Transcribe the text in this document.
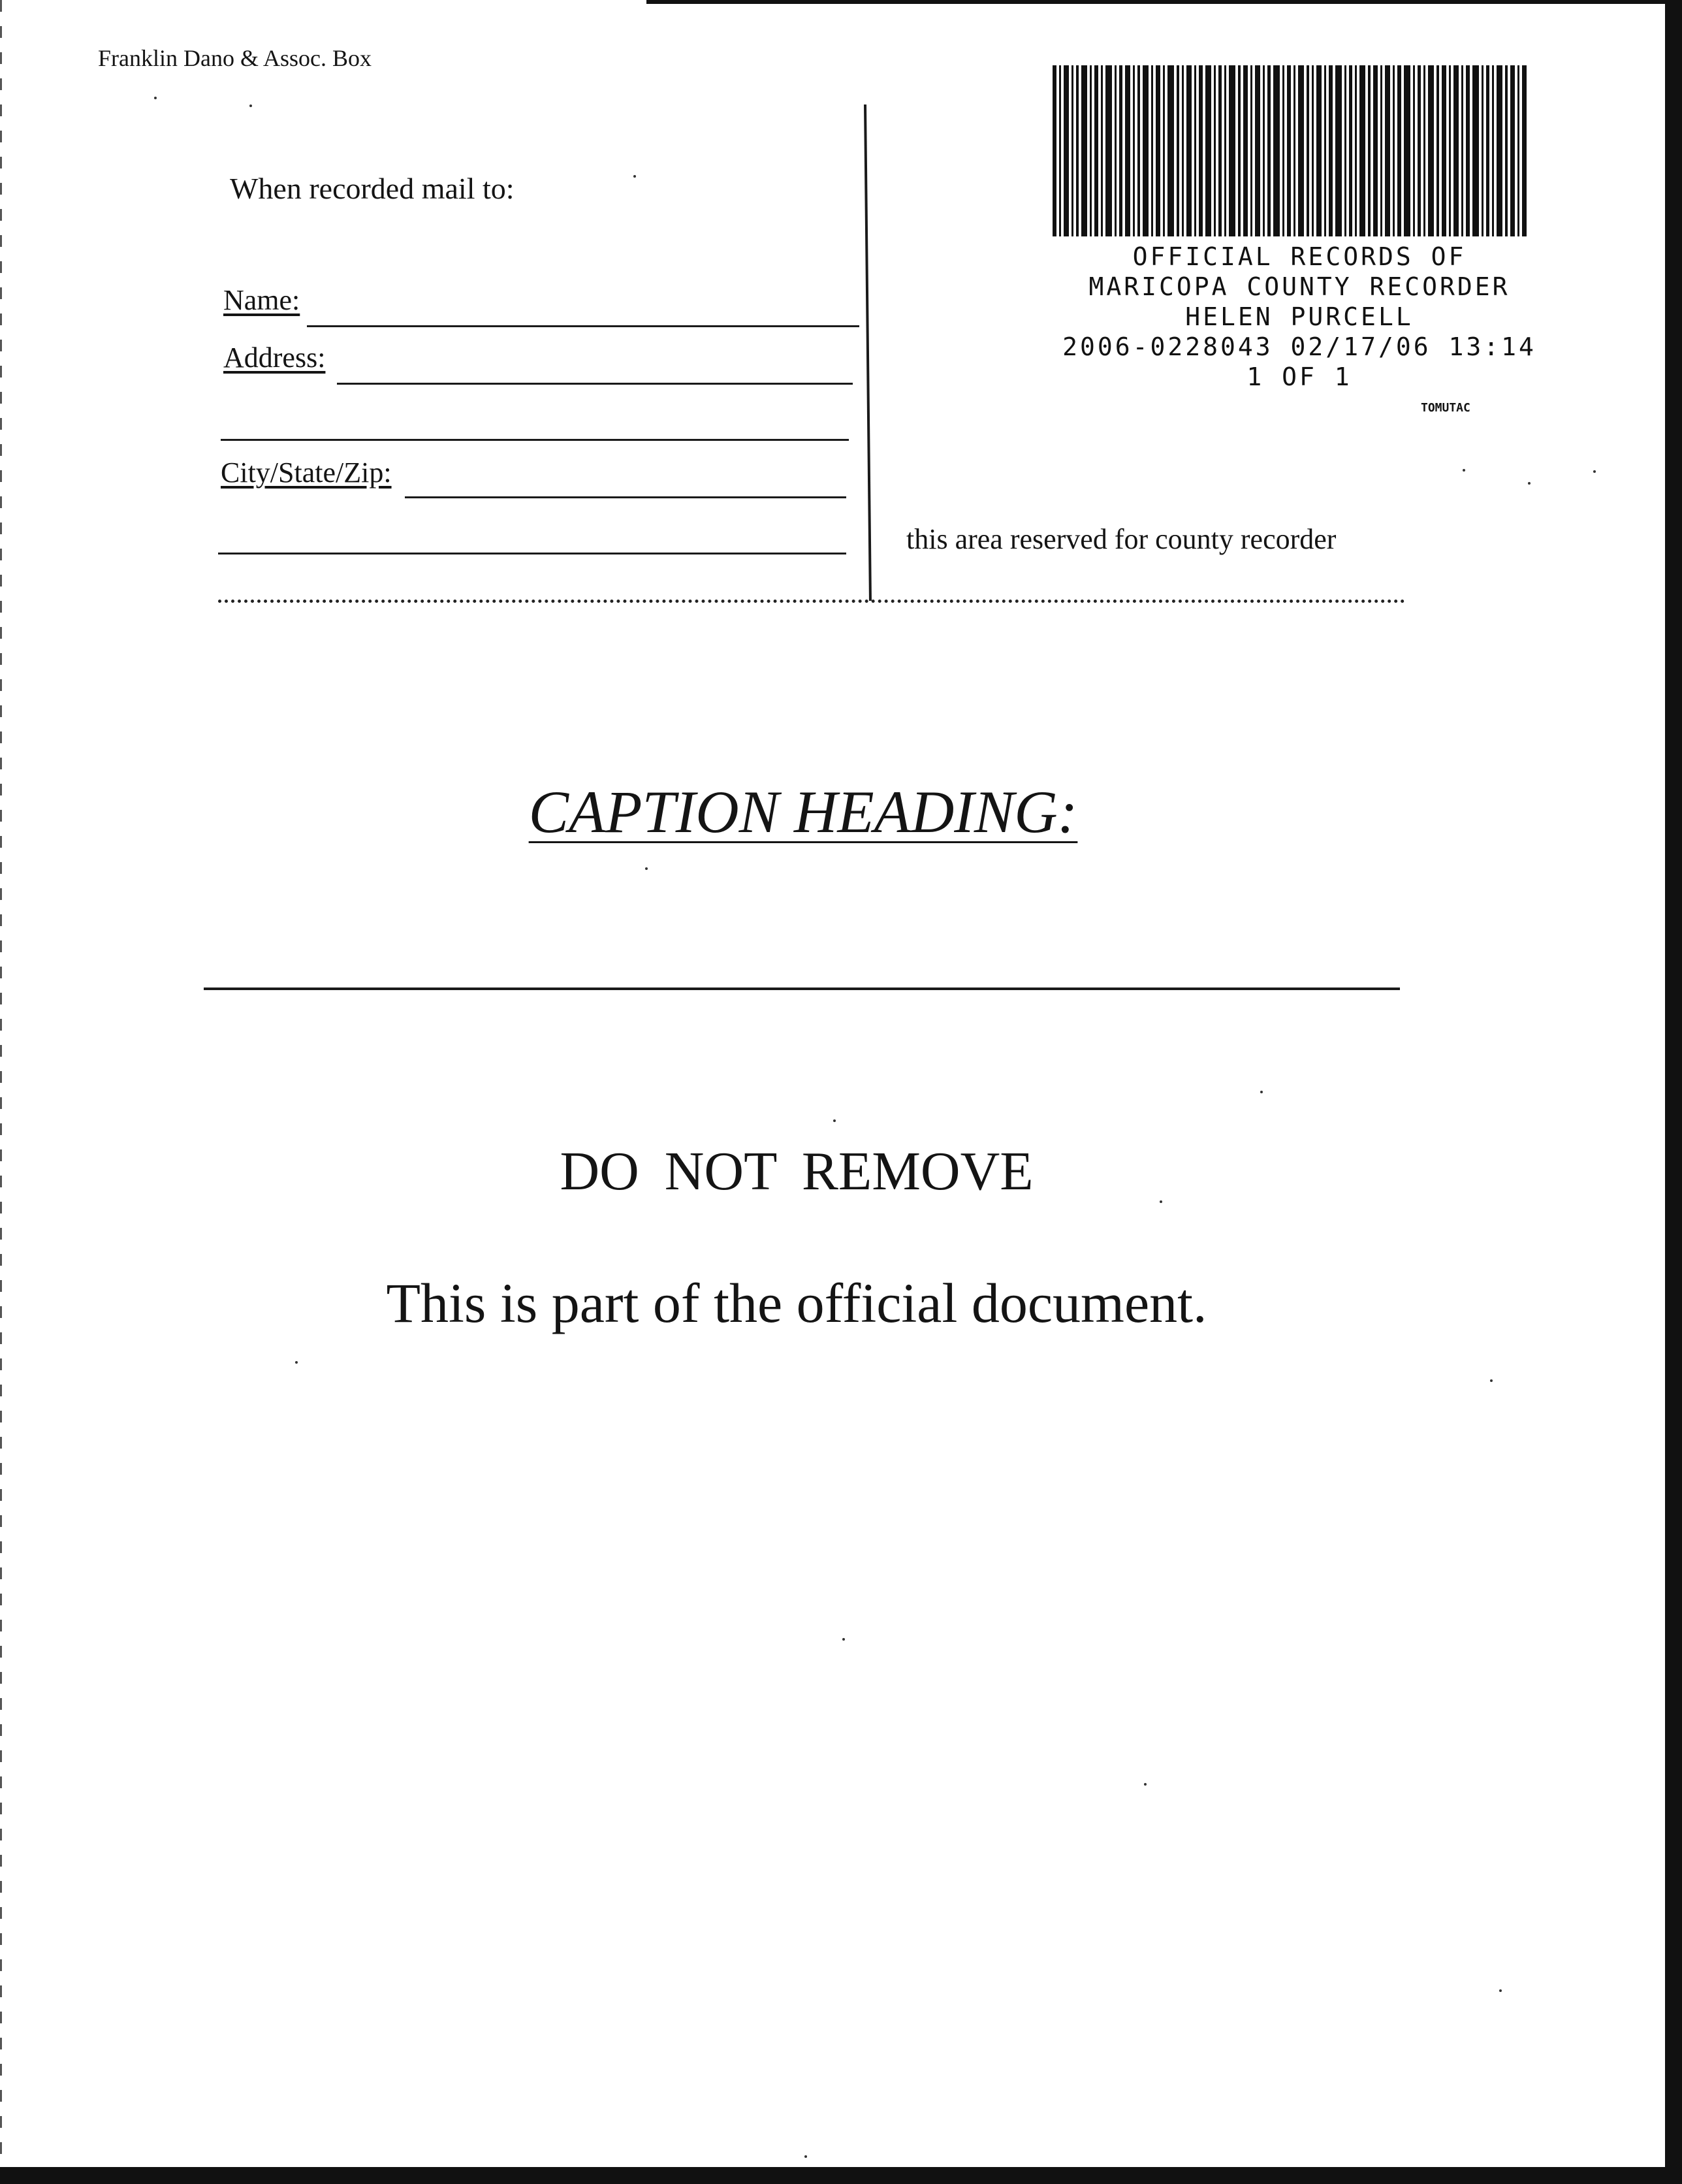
Franklin Dano & Assoc. Box
When recorded mail to:
Name:
Address:
City/State/Zip:
OFFICIAL RECORDS OF
MARICOPA COUNTY RECORDER
HELEN PURCELL
2006-0228043 02/17/06 13:14
1 OF 1
TOMUTAC
this area reserved for county recorder
CAPTION HEADING:
DO NOT REMOVE
This is part of the official document.
